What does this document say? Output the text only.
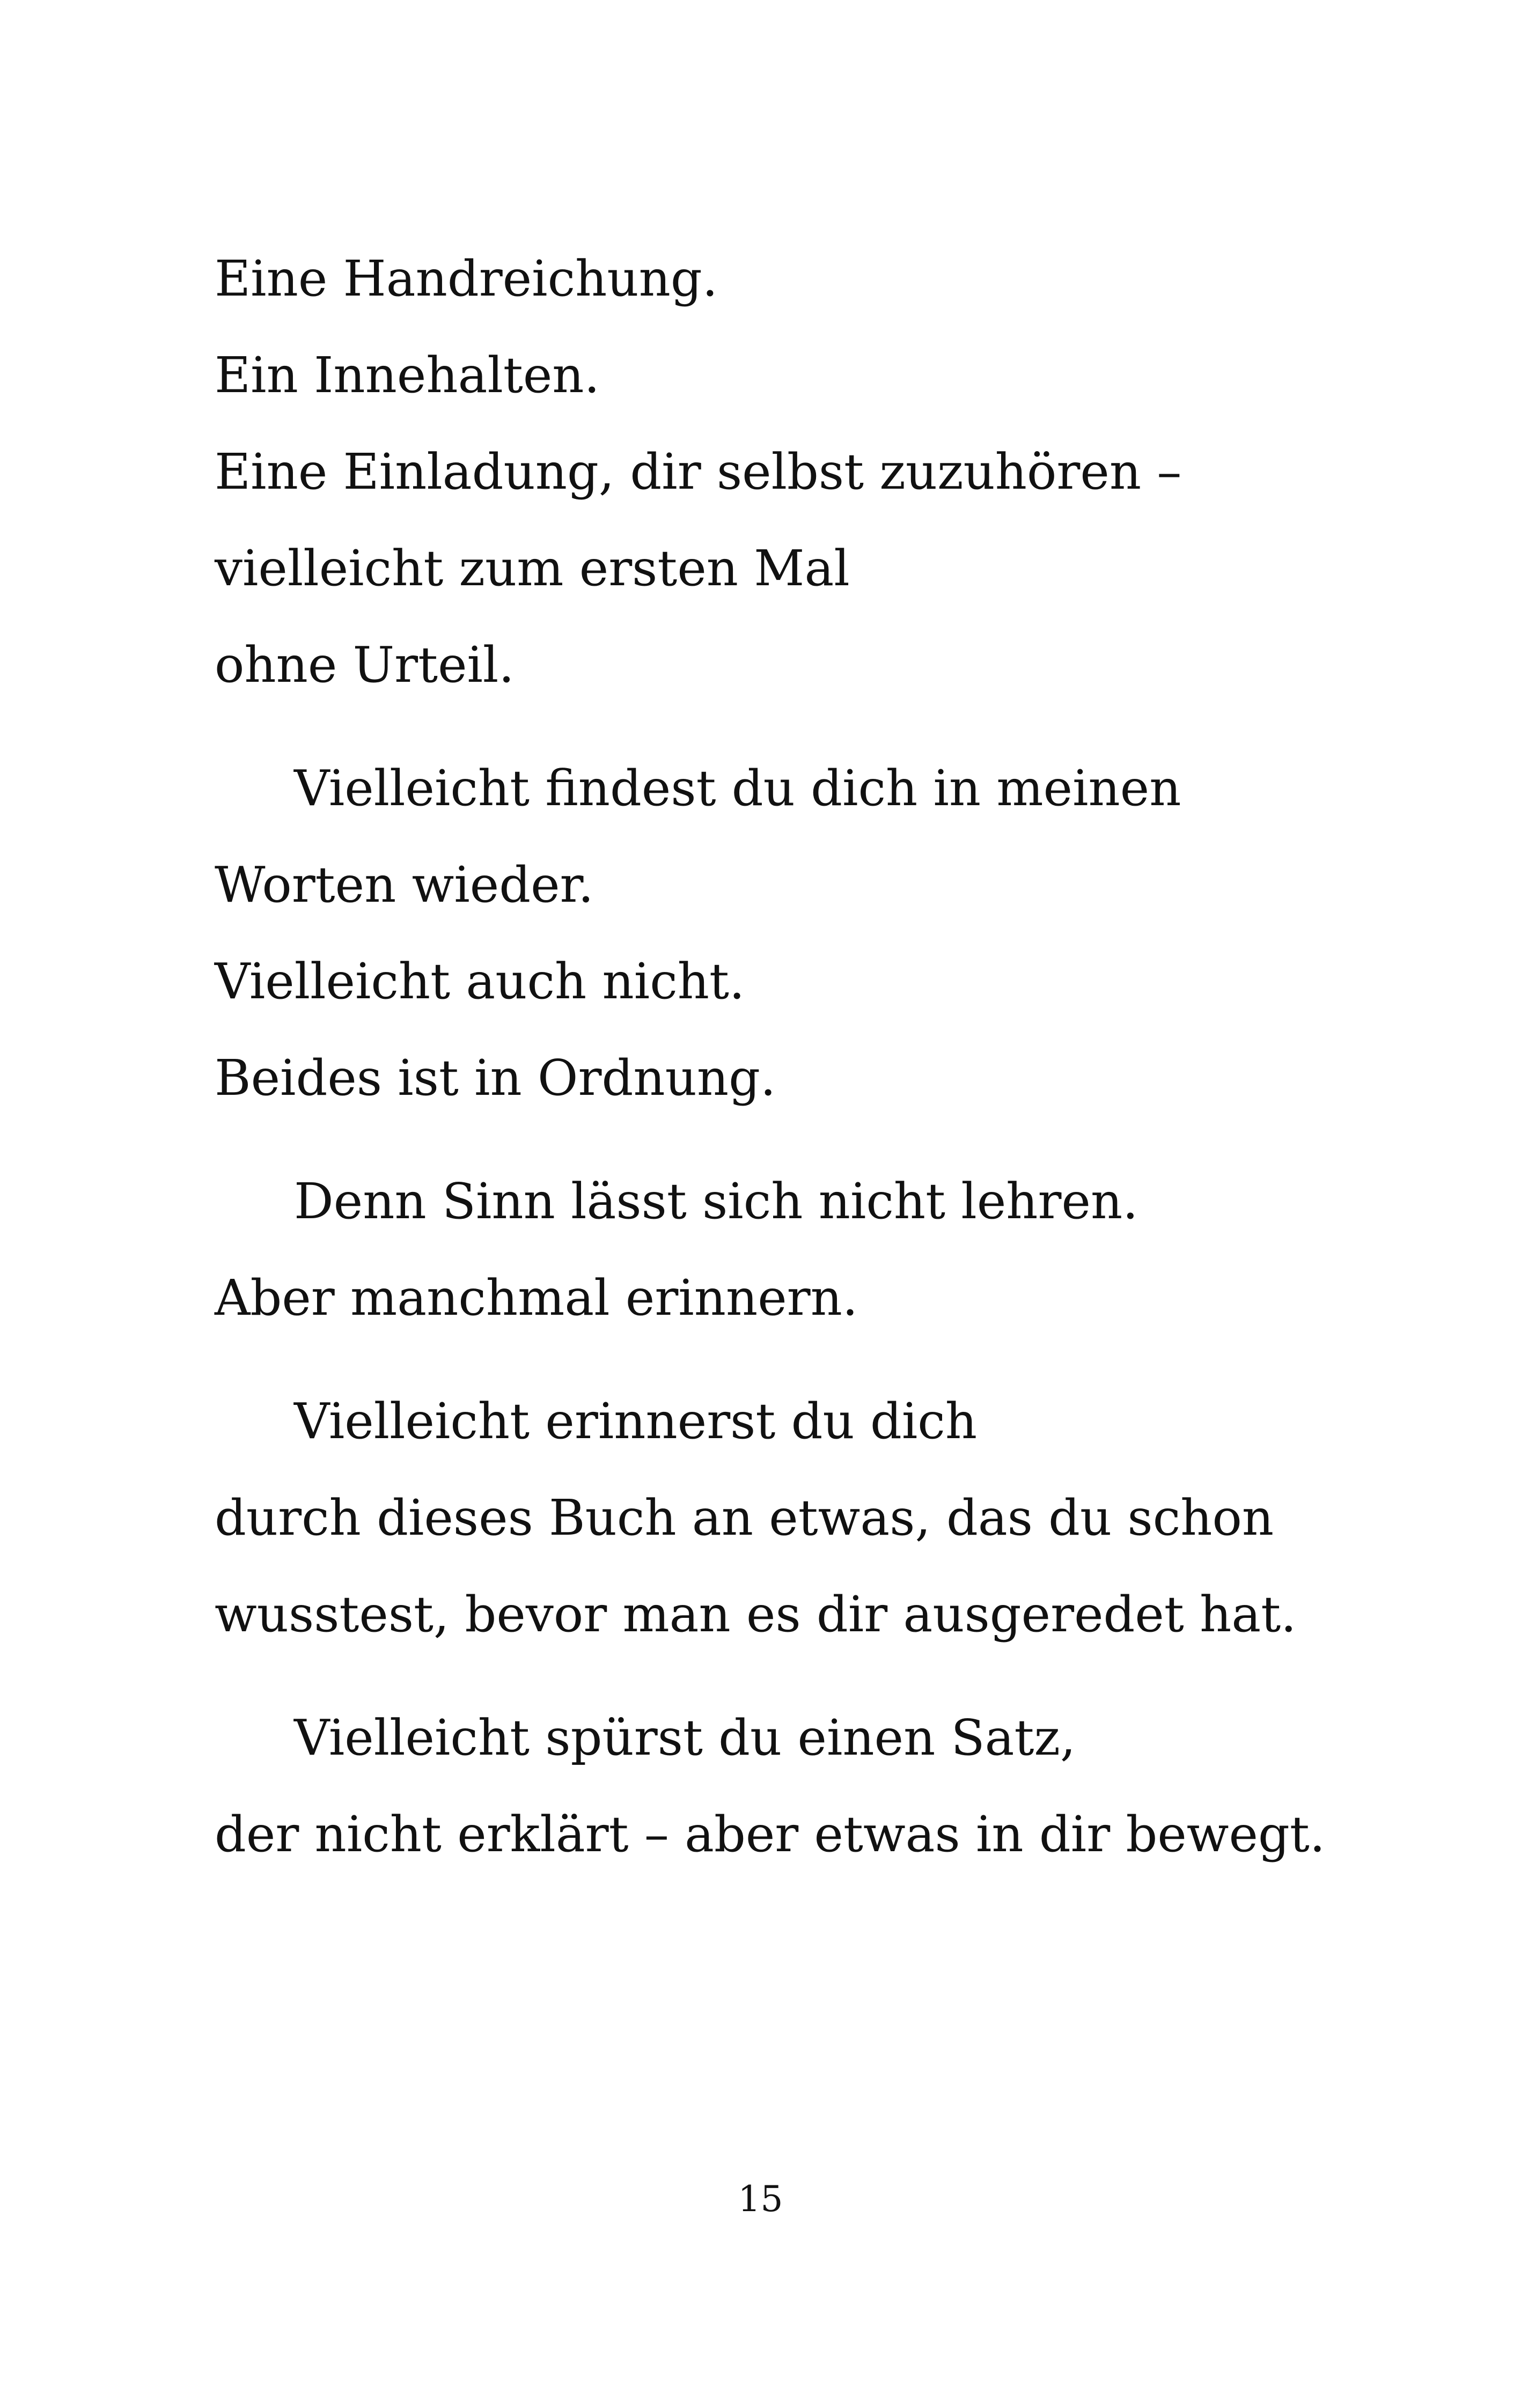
Eine Handreichung.
Ein Innehalten.
Eine Einladung, dir selbst zuzuhören –
vielleicht zum ersten Mal
ohne Urteil.
Vielleicht findest du dich in meinen
Worten wieder.
Vielleicht auch nicht.
Beides ist in Ordnung.
Denn Sinn lässt sich nicht lehren.
Aber manchmal erinnern.
Vielleicht erinnerst du dich
durch dieses Buch an etwas, das du schon
wusstest, bevor man es dir ausgeredet hat.
Vielleicht spürst du einen Satz,
der nicht erklärt – aber etwas in dir bewegt.
15
